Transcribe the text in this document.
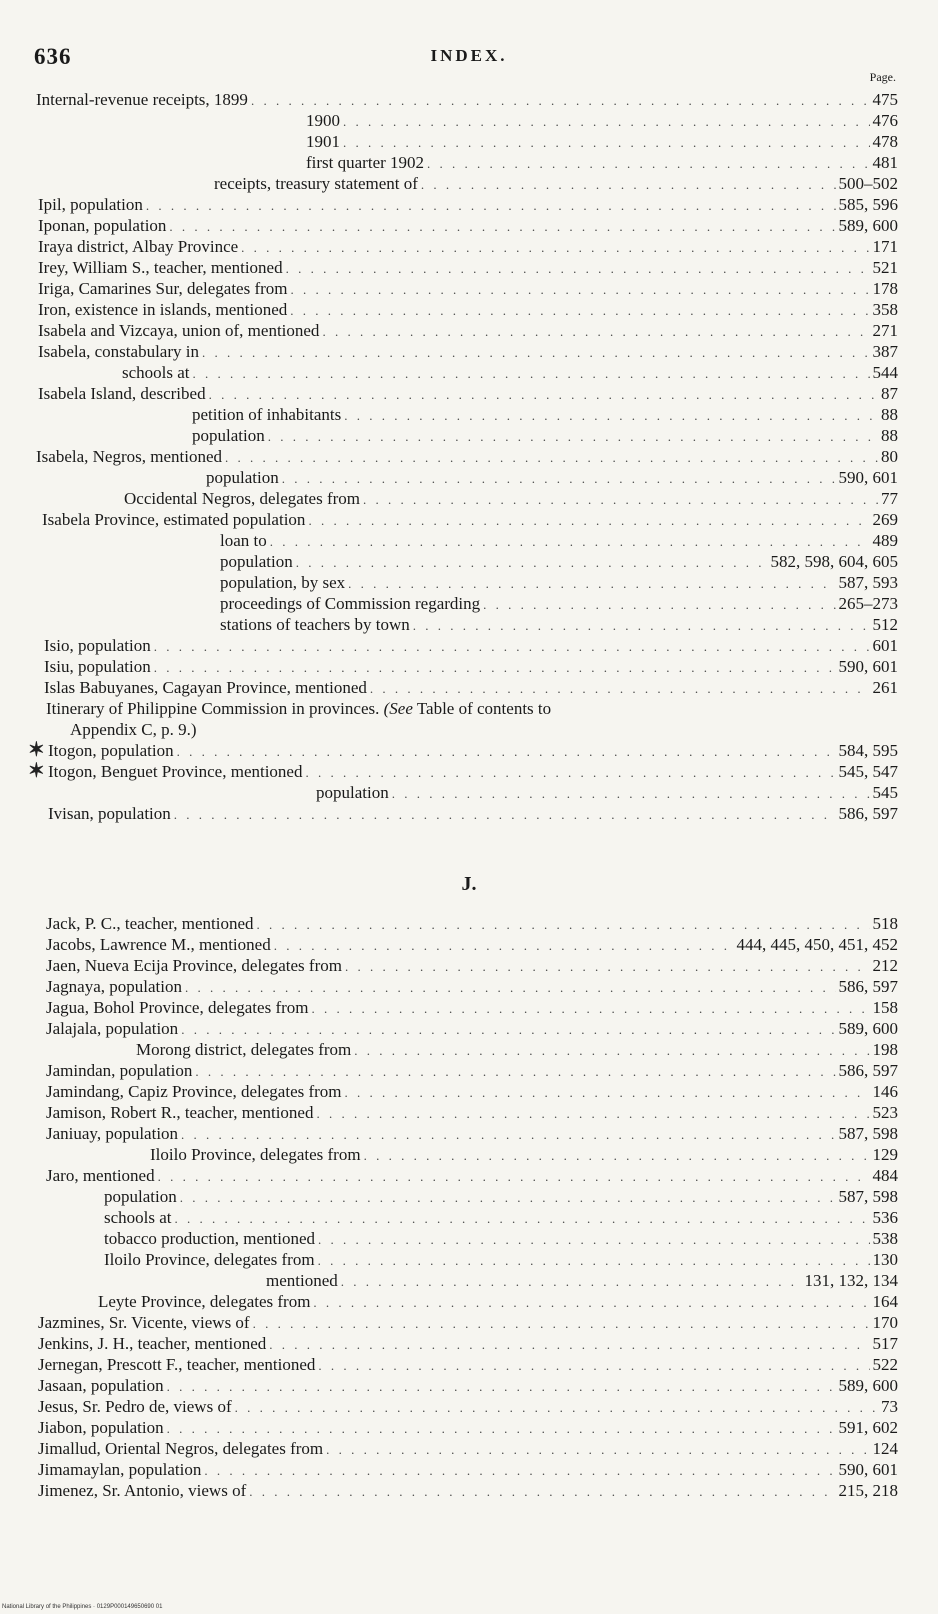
636	INDEX.
Page.
Internal-revenue receipts, 1899 . . .	475
1900 . . .	476
1901 . . .	478
first quarter 1902 . . .	481
receipts, treasury statement of . . .	500–502
Ipil, population . . .	585, 596
Iponan, population . . .	589, 600
Iraya district, Albay Province . . .	171
Irey, William S., teacher, mentioned . . .	521
Iriga, Camarines Sur, delegates from . . .	178
Iron, existence in islands, mentioned . . .	358
Isabela and Vizcaya, union of, mentioned . . .	271
Isabela, constabulary in . . .	387
schools at . . .	544
Isabela Island, described . . .	87
petition of inhabitants . . .	88
population . . .	88
Isabela, Negros, mentioned . . .	80
population . . .	590, 601
Occidental Negros, delegates from . . .	77
Isabela Province, estimated population . . .	269
loan to . . .	489
population . . .	582, 598, 604, 605
population, by sex . . .	587, 593
proceedings of Commission regarding . . .	265–273
stations of teachers by town . . .	512
Isio, population . . .	601
Isiu, population . . .	590, 601
Islas Babuyanes, Cagayan Province, mentioned . . .	261
Itinerary of Philippine Commission in provinces. (See Table of contents to
Appendix C, p. 9.)
✶
✶
Itogon, population . . .	584, 595
Itogon, Benguet Province, mentioned . . .	545, 547
population . . .	545
Ivisan, population . . .	586, 597
J.
Jack, P. C., teacher, mentioned . . .	518
Jacobs, Lawrence M., mentioned . . .	444, 445, 450, 451, 452
Jaen, Nueva Ecija Province, delegates from . . .	212
Jagnaya, population . . .	586, 597
Jagua, Bohol Province, delegates from . . .	158
Jalajala, population . . .	589, 600
Morong district, delegates from . . .	198
Jamindan, population . . .	586, 597
Jamindang, Capiz Province, delegates from . . .	146
Jamison, Robert R., teacher, mentioned . . .	523
Janiuay, population . . .	587, 598
Iloilo Province, delegates from . . .	129
Jaro, mentioned . . .	484
population . . .	587, 598
schools at . . .	536
tobacco production, mentioned . . .	538
Iloilo Province, delegates from . . .	130
mentioned . . .	131, 132, 134
Leyte Province, delegates from . . .	164
Jazmines, Sr. Vicente, views of . . .	170
Jenkins, J. H., teacher, mentioned . . .	517
Jernegan, Prescott F., teacher, mentioned . . .	522
Jasaan, population . . .	589, 600
Jesus, Sr. Pedro de, views of . . .	73
Jiabon, population . . .	591, 602
Jimallud, Oriental Negros, delegates from . . .	124
Jimamaylan, population . . .	590, 601
Jimenez, Sr. Antonio, views of . . .	215, 218
National Library of the Philippines · 0129P000149650690 01
